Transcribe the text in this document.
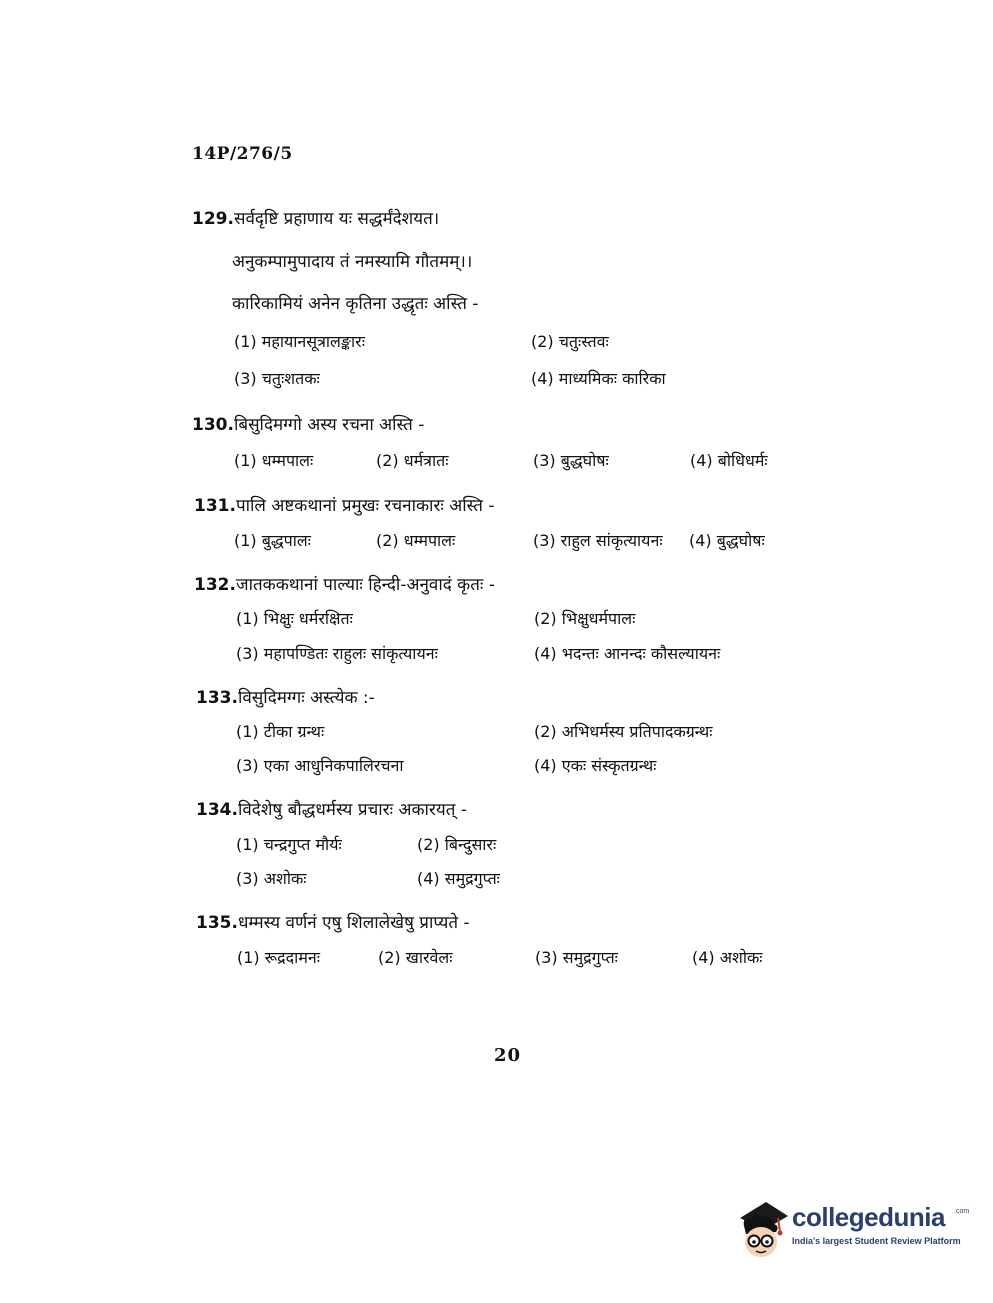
14P/276/5
129.सर्वदृष्टि प्रहाणाय यः सद्धर्मंदेशयत।
अनुकम्पामुपादाय तं नमस्यामि गौतमम्।।
कारिकामियं अनेन कृतिना उद्धृतः अस्ति -
(1) महायानसूत्रालङ्कारः	(2) चतुःस्तवः
(3) चतुःशतकः	(4) माध्यमिकः कारिका
130.बिसुदिमग्गो अस्य रचना अस्ति -
(1) धम्मपालः	(2) धर्मत्रातः	(3) बुद्धघोषः	(4) बोधिधर्मः
131.पालि अष्टकथानां प्रमुखः रचनाकारः अस्ति -
(1) बुद्धपालः	(2) धम्मपालः	(3) राहुल सांकृत्यायनः (4) बुद्धघोषः
132.जातककथानां पाल्याः हिन्दी-अनुवादं कृतः -
(1) भिक्षुः धर्मरक्षितः	(2) भिक्षुधर्मपालः
(3) महापण्डितः राहुलः सांकृत्यायनः	(4) भदन्तः आनन्दः कौसल्यायनः
133.विसुदिमग्गः अस्त्येक :-
(1) टीका ग्रन्थः	(2) अभिधर्मस्य प्रतिपादकग्रन्थः
(3) एका आधुनिकपालिरचना	(4) एकः संस्कृतग्रन्थः
134.विदेशेषु बौद्धधर्मस्य प्रचारः अकारयत् -
(1) चन्द्रगुप्त मौर्यः	(2) बिन्दुसारः
(3) अशोकः	(4) समुद्रगुप्तः
135.धम्मस्य वर्णनं एषु शिलालेखेषु प्राप्यते -
(1) रूद्रदामनः	(2) खारवेलः	(3) समुद्रगुप्तः	(4) अशोकः
20
collegedunia .com
India's largest Student Review Platform
